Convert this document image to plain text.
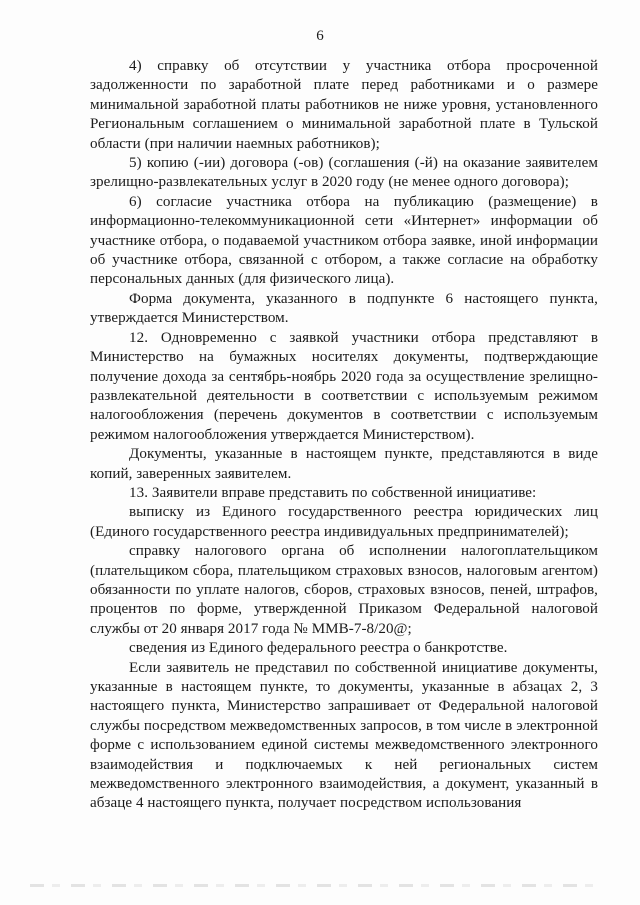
6

4) справку об отсутствии у участника отбора просроченной задолженности по заработной плате перед работниками и о размере минимальной заработной платы работников не ниже уровня, установленного Региональным соглашением о минимальной заработной плате в Тульской области (при наличии наемных работников);

5) копию (-ии) договора (-ов) (соглашения (-й) на оказание заявителем зрелищно-развлекательных услуг в 2020 году (не менее одного договора);

6) согласие участника отбора на публикацию (размещение) в информационно-телекоммуникационной сети «Интернет» информации об участнике отбора, о подаваемой участником отбора заявке, иной информации об участнике отбора, связанной с отбором, а также согласие на обработку персональных данных (для физического лица).

Форма документа, указанного в подпункте 6 настоящего пункта, утверждается Министерством.

12. Одновременно с заявкой участники отбора представляют в Министерство на бумажных носителях документы, подтверждающие получение дохода за сентябрь-ноябрь 2020 года за осуществление зрелищно-развлекательной деятельности в соответствии с используемым режимом налогообложения (перечень документов в соответствии с используемым режимом налогообложения утверждается Министерством).

Документы, указанные в настоящем пункте, представляются в виде копий, заверенных заявителем.

13. Заявители вправе представить по собственной инициативе:

выписку из Единого государственного реестра юридических лиц (Единого государственного реестра индивидуальных предпринимателей);

справку налогового органа об исполнении налогоплательщиком (плательщиком сбора, плательщиком страховых взносов, налоговым агентом) обязанности по уплате налогов, сборов, страховых взносов, пеней, штрафов, процентов по форме, утвержденной Приказом Федеральной налоговой службы от 20 января 2017 года № ММВ-7-8/20@;

сведения из Единого федерального реестра о банкротстве.

Если заявитель не представил по собственной инициативе документы, указанные в настоящем пункте, то документы, указанные в абзацах 2, 3 настоящего пункта, Министерство запрашивает от Федеральной налоговой службы посредством межведомственных запросов, в том числе в электронной форме с использованием единой системы межведомственного электронного взаимодействия и подключаемых к ней региональных систем межведомственного электронного взаимодействия, а документ, указанный в абзаце 4 настоящего пункта, получает посредством использования
